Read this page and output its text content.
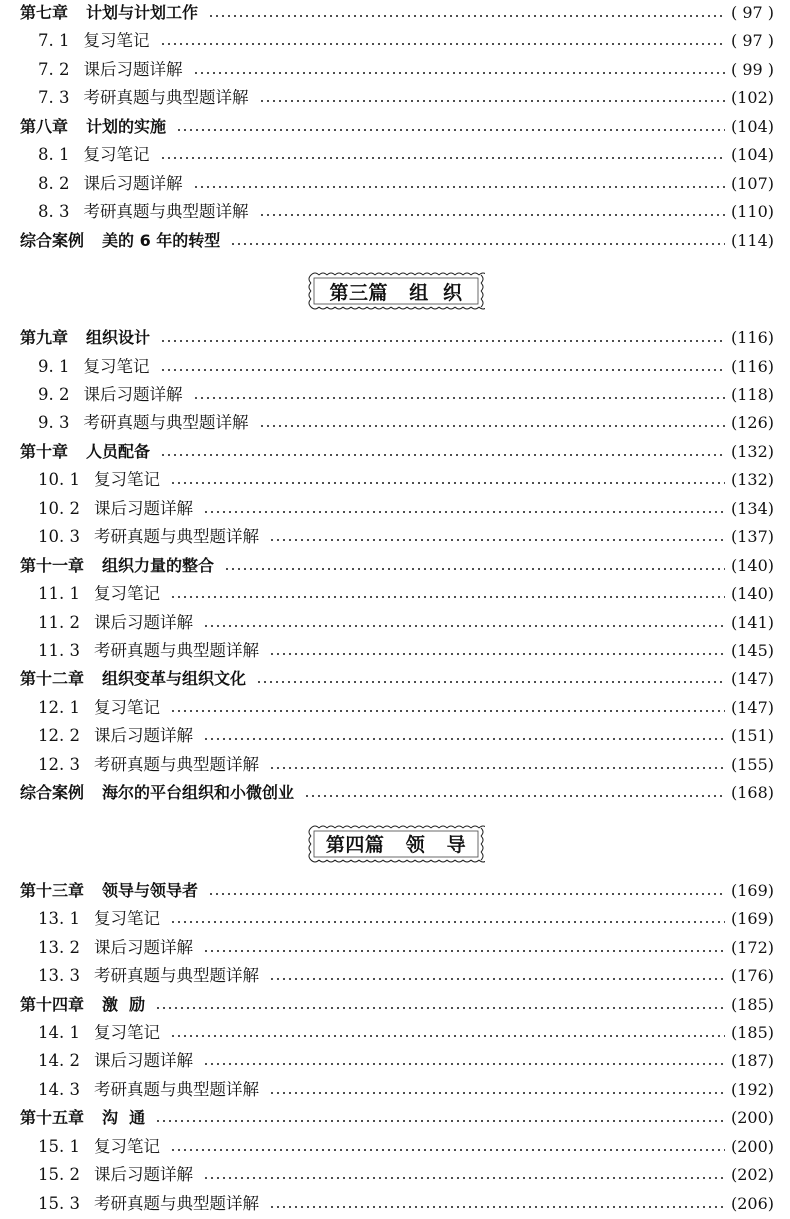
第七章 计划与计划工作	( 97 )
7. 1 复习笔记	( 97 )
7. 2 课后习题详解	( 99 )
7. 3 考研真题与典型题详解	(102)
第八章 计划的实施	(104)
8. 1 复习笔记	(104)
8. 2 课后习题详解	(107)
8. 3 考研真题与典型题详解	(110)
综合案例 美的 6 年的转型	(114)
第三篇   组  织
第九章 组织设计	(116)
9. 1 复习笔记	(116)
9. 2 课后习题详解	(118)
9. 3 考研真题与典型题详解	(126)
第十章 人员配备	(132)
10. 1 复习笔记	(132)
10. 2 课后习题详解	(134)
10. 3 考研真题与典型题详解	(137)
第十一章 组织力量的整合	(140)
11. 1 复习笔记	(140)
11. 2 课后习题详解	(141)
11. 3 考研真题与典型题详解	(145)
第十二章 组织变革与组织文化	(147)
12. 1 复习笔记	(147)
12. 2 课后习题详解	(151)
12. 3 考研真题与典型题详解	(155)
综合案例 海尔的平台组织和小微创业	(168)
第四篇   领   导
第十三章 领导与领导者	(169)
13. 1 复习笔记	(169)
13. 2 课后习题详解	(172)
13. 3 考研真题与典型题详解	(176)
第十四章 激  励	(185)
14. 1 复习笔记	(185)
14. 2 课后习题详解	(187)
14. 3 考研真题与典型题详解	(192)
第十五章 沟  通	(200)
15. 1 复习笔记	(200)
15. 2 课后习题详解	(202)
15. 3 考研真题与典型题详解	(206)
